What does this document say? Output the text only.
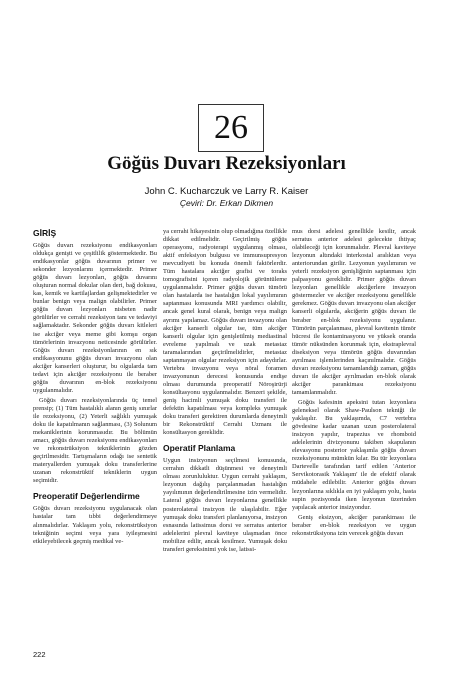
26
Göğüs Duvarı Rezeksiyonları
John C. Kucharczuk ve Larry R. Kaiser
Çeviri: Dr. Erkan Dikmen
GİRİŞ

Göğüs duvarı rezeksiyonu endikasyonları oldukça genişti ve çeşitlilik göstermektedir. Bu endikasyonlar göğüs duvarının primer ve sekonder lezyonlarını içermektedir. Primer göğüs duvarı lezyonları, göğüs duvarını oluşturan normal dokular olan deri, bağ dokusu, kas, kemik ve kartilajlardan gelişmektedirler ve bunlar benign veya malign olabilirler. Primer göğüs duvarı lezyonları nisbeten nadir görülürler ve cerrahi rezeksiyon tanı ve tedaviyi sağlamaktadır. Sekonder göğüs duvarı kitleleri ise akciğer veya meme gibi komşu organ tümörlerinin invazyonu neticesinde görülürler. Göğüs duvarı rezeksiyonlarının en sık endikasyonunu göğüs duvarı invazyonu olan akciğer kanserleri oluşturur, bu olgularda tam tedavi için akciğer rezeksiyonu ile beraber göğüs duvarının en-blok rezeksiyonu uygulanmalıdır.

Göğüs duvarı rezeksiyonlarında üç temel prensip; (1) Tüm hastalıklı alanın geniş sınırlar ile rezeksiyonu, (2) Yeterli sağlıklı yumuşak doku ile kapatılmanın sağlanması, (3) Solunum mekaniklerinin korunmasıdır. Bu bölümün amacı, göğüs duvarı rezeksiyonu endikasyonları ve rekonstrüksiyon tekniklerinin gözden geçirilmesidir. Tartışmaların odağı ise sentetik materyallerden yumuşak doku transferlerine uzanan rekonstrüktif tekniklerin uygun seçimidir.

Preoperatif Değerlendirme

Göğüs duvarı rezeksiyonu uygulanacak olan hastalar tam tıbbi değerlendirmeye alınmalıdırlar. Yaklaşım yolu, rekonstrüksiyon tekniğinin seçimi veya yara iyileşmesini etkileyebilecek geçmiş medikal ve-

ya cerrahi hikayesinin olup olmadığına özellikle dikkat edilmelidir. Geçirilmiş göğüs operasyonu, radyoterapi uygulanmış olması, aktif enfeksiyon bulgusu ve immunsupresyon mevcudiyeti bu konuda önemli faktörlerdir. Tüm hastalara akciğer grafisi ve toraks tomografisini içeren radyolojik görüntüleme uygulanmalıdır. Primer göğüs duvarı tümörü olan hastalarda ise hastalığın lokal yayılımının saptanması konusunda MRI yardımcı olabilir, ancak genel kural olarak, benign veya malign ayrımı yapılamaz. Göğüs duvarı invazyonu olan akciğer kanserli olgular ise, tüm akciğer kanserli olgular için genişletilmiş mediastinal evreleme yapılmalı ve uzak metastaz taramalarından geçirilmelidirler, metastaz saptanmayan olgular rezeksiyon için adaydırlar. Vertebra invazyonu veya nöral foramen invazyonunun derecesi konusunda endişe olması durumunda preoperatif Nöroşirürji konsültasyonu uygulanmalıdır. Benzeri şekilde, geniş hacimli yumuşak doku transferi ile defektin kapatılması veya kompleks yumuşak doku transferi gerektiren durumlarda deneyimli bir Rekonstrüktif Cerrahi Uzmanı ile konsültasyon gereklidir.

Operatif Planlama

Uygun insizyonun seçilmesi konusunda, cerrahın dikkatli düşünmesi ve deneyimli olması zorunluluktur. Uygun cerrahi yaklaşım, lezyonun dağılış parçalanmadan hastalığın yayılımının değerlendirilmesine izin vermelidir. Lateral göğüs duvarı lezyonlarına genellikle posterolateral insizyon ile ulaşılabilir. Eğer yumuşak doku transferi planlanıyorsa, insizyon esnasında latissimus dorsi ve serratus anterior adelelerini plevral kaviteye ulaşmadan önce mobilize edilir, ancak kesilmez. Yumuşak doku transferi gereksinimi yok ise, latissi-

mus dorsi adelesi genellikle kesilir, ancak serratus anterior adelesi gelecekte ihtiyaç olabileceği için korunmalıdır. Plevral kaviteye lezyonun altındaki interkostal aralıktan veya anteriorundan girilir. Lezyonun yayılımının ve yeterli rezeksiyon genişliğinin saptanması için palpasyonu gereklidir. Primer göğüs duvarı lezyonları genellikle akciğerlere invazyon göstermezler ve akciğer rezeksiyonu genellikle gerekmez. Göğüs duvarı invazyonu olan akciğer kanserli olgularda, akciğerin göğüs duvarı ile beraber en-blok rezeksiyonu uygulanır. Tümörün parçalanması, plevral kavitenin tümör hücresi ile kontaminasyonu ve yüksek oranda tümör nüksünden korunmak için, ekstraplevral diseksiyon veya tümörün göğüs duvarından ayrılması işlemlerinden kaçınılmalıdır. Göğüs duvarı rezeksiyonu tamamlandığı zaman, göğüs duvarı ile akciğer ayrılmadan en-blok olarak akciğer parankiması rezeksiyonu tamamlanmalıdır.

Göğüs kafesinin apeksini tutan lezyonlara geleneksel olarak Shaw-Paulson tekniği ile yaklaşılır. Bu yaklaşımda, C7 vertebra gövdesine kadar uzanan uzun posterolateral insizyon yapılır, trapezius ve rhomboid adelelerinin divizyonunu takiben skapulanın elevasyonu posterior yaklaşımla göğüs duvarı rezeksiyonunu mümkün kılar. Bu tür lezyonlara Dartevelle tarafından tarif edilen 'Anterior Servikotorasik Yaklaşım' ile de efektif olarak müdahele edilebilir. Anterior göğüs duvarı lezyonlarına sıklıkla en iyi yaklaşım yolu, hasta supin pozisyonda iken lezyonun üzerinden yapılacak anterior insizyondur.

Geniş eksizyon, akciğer parankiması ile beraber en-blok rezeksiyon ve uygun rekonstrüksiyona izin verecek göğüs duvarı

222
